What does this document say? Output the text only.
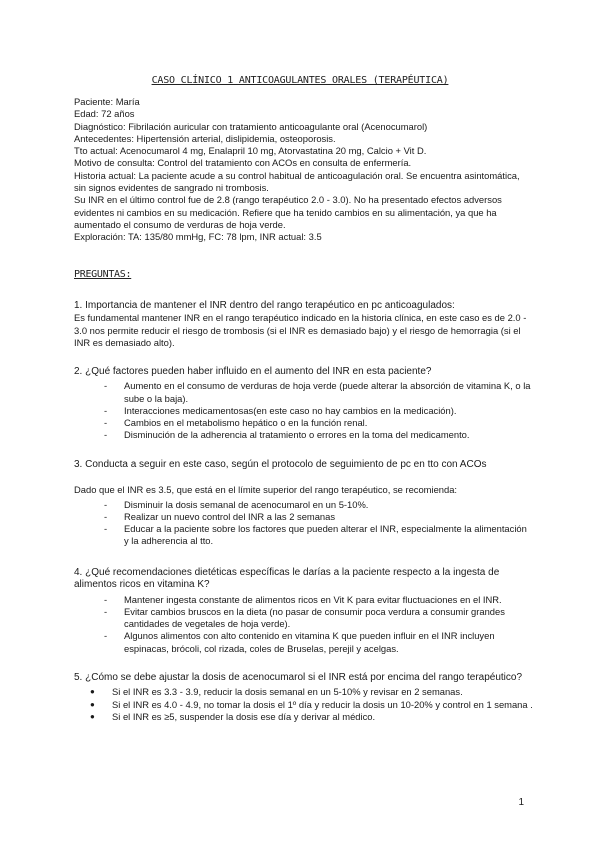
CASO CLÍNICO 1 ANTICOAGULANTES ORALES (TERAPÉUTICA)
Paciente: María
Edad: 72 años
Diagnóstico: Fibrilación auricular con tratamiento anticoagulante oral (Acenocumarol)
Antecedentes: Hipertensión arterial, dislipidemia, osteoporosis.
Tto actual: Acenocumarol 4 mg, Enalapril 10 mg, Atorvastatina 20 mg, Calcio + Vit D.
Motivo de consulta: Control del tratamiento con ACOs en consulta de enfermería.
Historia actual: La paciente acude a su control habitual de anticoagulación oral. Se encuentra asintomática, sin signos evidentes de sangrado ni trombosis.
Su INR en el último control fue de 2.8 (rango terapéutico 2.0 - 3.0). No ha presentado efectos adversos evidentes ni cambios en su medicación. Refiere que ha tenido cambios en su alimentación, ya que ha aumentado el consumo de verduras de hoja verde.
Exploración: TA: 135/80 mmHg, FC: 78 lpm, INR actual: 3.5
PREGUNTAS:

1. Importancia de mantener el INR dentro del rango terapéutico en pc anticoagulados:

Es fundamental mantener INR en el rango terapéutico indicado en la historia clínica, en este caso es de 2.0 - 3.0 nos permite reducir el riesgo de trombosis (si el INR es demasiado bajo) y el riesgo de hemorragia (si el INR es demasiado alto).

2. ¿Qué factores pueden haber influido en el aumento del INR en esta paciente?

- Aumento en el consumo de verduras de hoja verde (puede alterar la absorción de vitamina K, o la sube o la baja).
- Interacciones medicamentosas(en este caso no hay cambios en la medicación).
- Cambios en el metabolismo hepático o en la función renal.
- Disminución de la adherencia al tratamiento o errores en la toma del medicamento.

3. Conducta a seguir en este caso, según el protocolo de seguimiento de pc en tto con ACOs

Dado que el INR es 3.5, que está en el límite superior del rango terapéutico, se recomienda:

- Disminuir la dosis semanal de acenocumarol en un 5-10%.
- Realizar un nuevo control del INR a las 2 semanas
- Educar a la paciente sobre los factores que pueden alterar el INR, especialmente la alimentación y la adherencia al tto.

4. ¿Qué recomendaciones dietéticas específicas le darías a la paciente respecto a la ingesta de alimentos ricos en vitamina K?

- Mantener ingesta constante de alimentos ricos en Vit K para evitar fluctuaciones en el INR.
- Evitar cambios bruscos en la dieta (no pasar de consumir poca verdura a consumir grandes cantidades de vegetales de hoja verde).
- Algunos alimentos con alto contenido en vitamina K que pueden influir en el INR incluyen espinacas, brócoli, col rizada, coles de Bruselas, perejil y acelgas.

5. ¿Cómo se debe ajustar la dosis de acenocumarol si el INR está por encima del rango terapéutico?

● Si el INR es 3.3 - 3.9, reducir la dosis semanal en un 5-10% y revisar en 2 semanas.
● Si el INR es 4.0 - 4.9, no tomar la dosis el 1º día y reducir la dosis un 10-20% y control en 1 semana .
● Si el INR es ≥5, suspender la dosis ese día y derivar al médico.
1
